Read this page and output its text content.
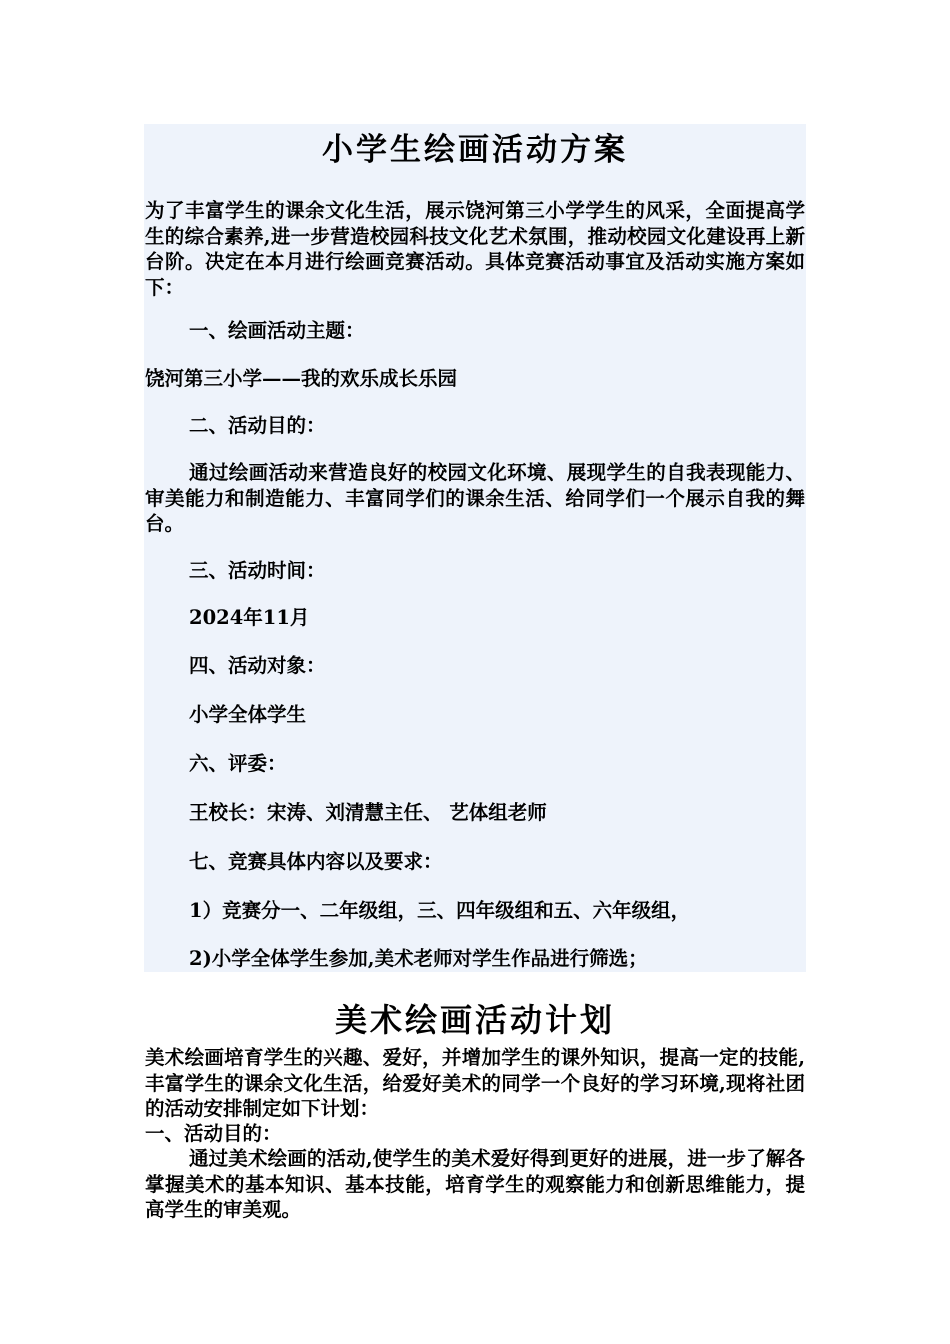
小学生绘画活动方案

为了丰富学生的课余文化生活，展示饶河第三小学学生的风采，全面提高学生的综合素养,进一步营造校园科技文化艺术氛围，推动校园文化建设再上新台阶。决定在本月进行绘画竞赛活动。具体竞赛活动事宜及活动实施方案如下：

一、绘画活动主题：
饶河第三小学——我的欢乐成长乐园
二、活动目的：

通过绘画活动来营造良好的校园文化环境、展现学生的自我表现能力、审美能力和制造能力、丰富同学们的课余生活、给同学们一个展示自我的舞台。

三、活动时间：
2024年11月
四、活动对象：
小学全体学生
六、评委：
王校长：宋涛、刘清慧主任、 艺体组老师
七、竞赛具体内容以及要求：
1）竞赛分一、二年级组，三、四年级组和五、六年级组，
2)小学全体学生参加,美术老师对学生作品进行筛选；
美术绘画活动计划

美术绘画培育学生的兴趣、爱好，并增加学生的课外知识，提高一定的技能,丰富学生的课余文化生活，给爱好美术的同学一个良好的学习环境,现将社团的活动安排制定如下计划：

一、活动目的：

通过美术绘画的活动,使学生的美术爱好得到更好的进展，进一步了解各掌握美术的基本知识、基本技能，培育学生的观察能力和创新思维能力，提高学生的审美观。
